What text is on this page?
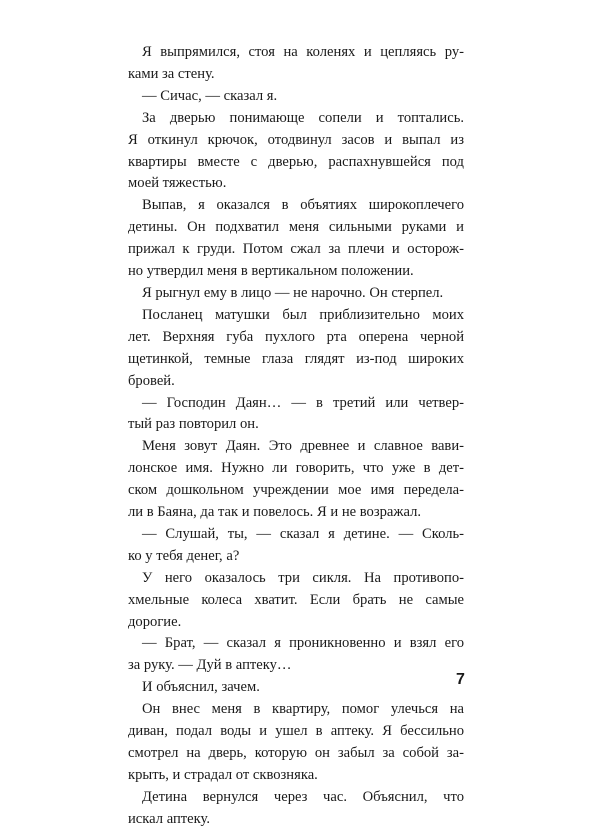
Я выпрямился, стоя на коленях и цепляясь ру-
ками за стену.
— Сичас, — сказал я.
За дверью понимающе сопели и топтались.
Я откинул крючок, отодвинул засов и выпал из
квартиры вместе с дверью, распахнувшейся под
моей тяжестью.
Выпав, я оказался в объятиях широкоплечего
детины. Он подхватил меня сильными руками и
прижал к груди. Потом сжал за плечи и осторож-
но утвердил меня в вертикальном положении.
Я рыгнул ему в лицо — не нарочно. Он стерпел.
Посланец матушки был приблизительно моих
лет. Верхняя губа пухлого рта оперена черной
щетинкой, темные глаза глядят из-под широких
бровей.
— Господин Даян… — в третий или четвер-
тый раз повторил он.
Меня зовут Даян. Это древнее и славное вави-
лонское имя. Нужно ли говорить, что уже в дет-
ском дошкольном учреждении мое имя переделa-
ли в Баяна, да так и повелось. Я и не возражал.
— Слушай, ты, — сказал я детине. — Сколь-
ко у тебя денег, а?
У него оказалось три сикля. На противопо-
хмельные колеса хватит. Если брать не самые
дорогие.
— Брат, — сказал я проникновенно и взял его
за руку. — Дуй в аптеку…
И объяснил, зачем.
Он внес меня в квартиру, помог улечься на
диван, подал воды и ушел в аптеку. Я бессильно
смотрел на дверь, которую он забыл за собой за-
крыть, и страдал от сквозняка.
Детина вернулся через час. Объяснил, что
искал аптеку.
7
